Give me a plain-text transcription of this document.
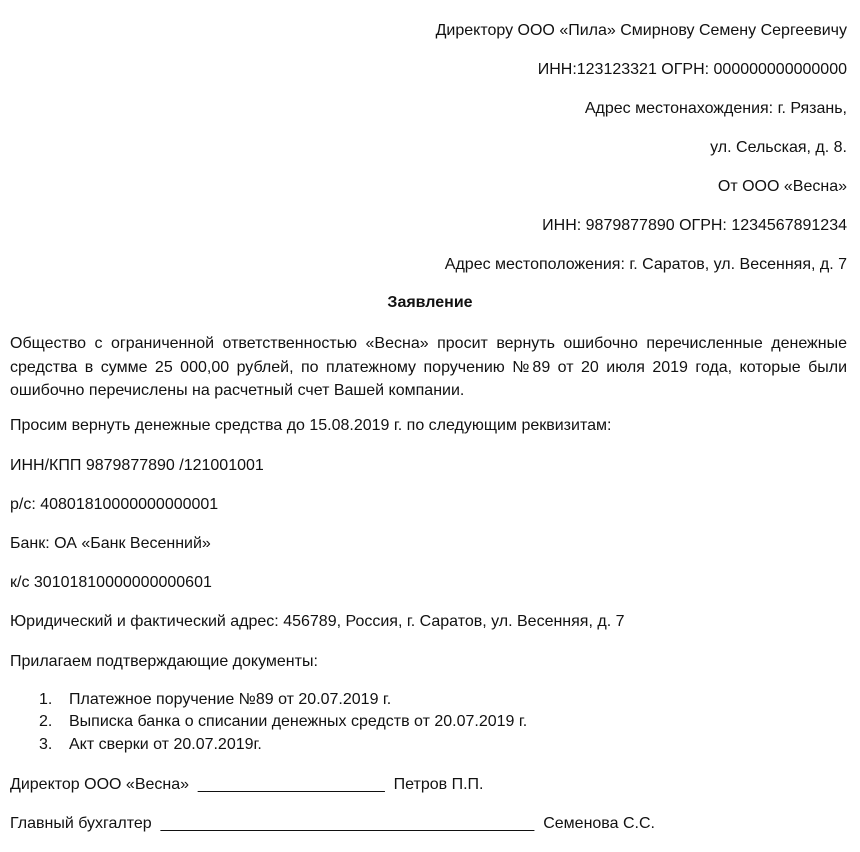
Директору ООО «Пила» Смирнову Семену Сергеевичу
ИНН:123123321 ОГРН: 000000000000000
Адрес местонахождения: г. Рязань,
ул. Сельская, д. 8.
От ООО «Весна»
ИНН: 9879877890 ОГРН: 1234567891234
Адрес местоположения: г. Саратов, ул. Весенняя, д. 7
Заявление
Общество с ограниченной ответственностью «Весна» просит вернуть ошибочно перечисленные денежные средства в сумме 25 000,00 рублей, по платежному поручению №89 от 20 июля 2019 года, которые были ошибочно перечислены на расчетный счет Вашей компании.
Просим вернуть денежные средства до 15.08.2019 г. по следующим реквизитам:
ИНН/КПП 9879877890 /121001001
р/с: 40801810000000000001
Банк: ОА «Банк Весенний»
к/с 30101810000000000601
Юридический и фактический адрес: 456789, Россия, г. Саратов, ул. Весенняя, д. 7
Прилагаем подтверждающие документы:
1. Платежное поручение №89 от 20.07.2019 г.
2. Выписка банка о списании денежных средств от 20.07.2019 г.
3. Акт сверки от 20.07.2019г.
Директор ООО «Весна»  _____________________  Петров П.П.
Главный бухгалтер  __________________________________________  Семенова С.С.
